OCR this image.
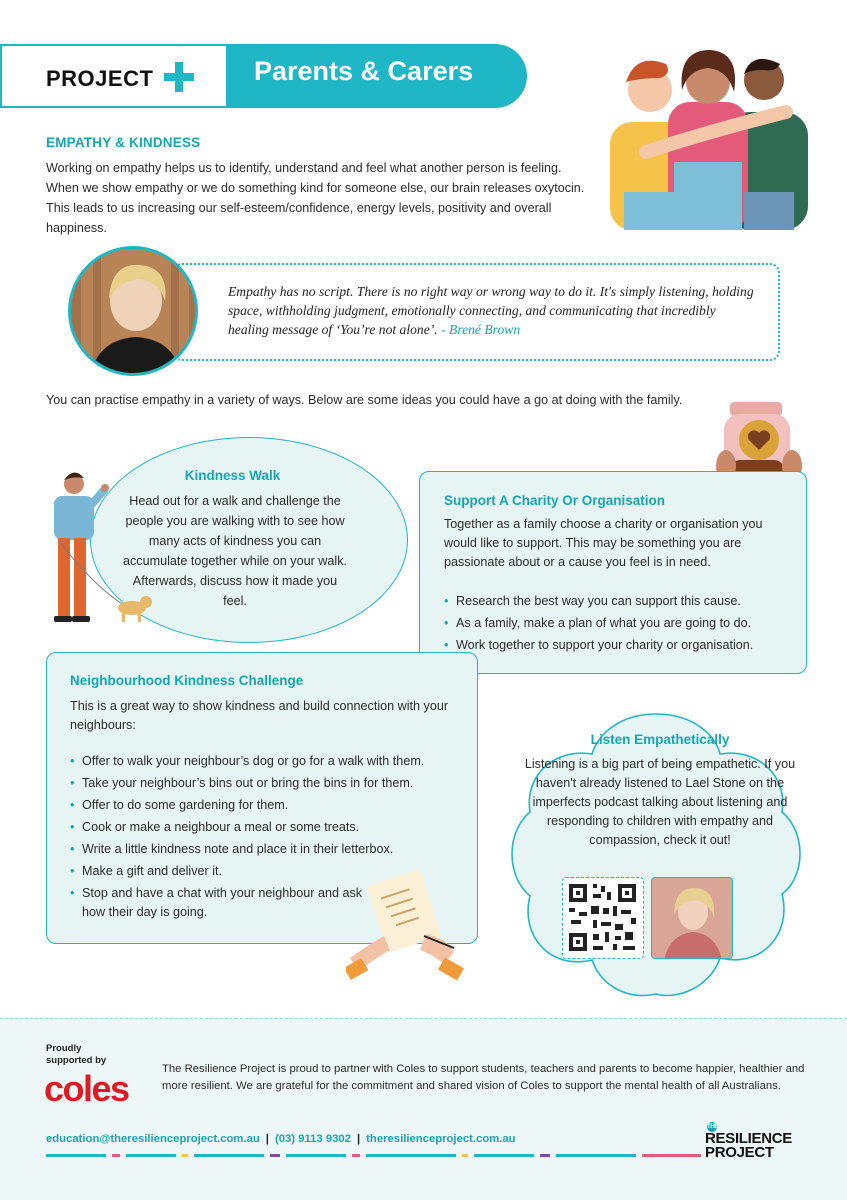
PROJECT	Parents & Carers
EMPATHY & KINDNESS
Working on empathy helps us to identify, understand and feel what another person is feeling. When we show empathy or we do something kind for someone else, our brain releases oxytocin. This leads to us increasing our self-esteem/confidence, energy levels, positivity and overall happiness.
Empathy has no script. There is no right way or wrong way to do it. It's simply listening, holding space, withholding judgment, emotionally connecting, and communicating that incredibly healing message of ‘You’re not alone’. - Brené Brown
You can practise empathy in a variety of ways. Below are some ideas you could have a go at doing with the family.
Kindness Walk
Head out for a walk and challenge the people you are walking with to see how many acts of kindness you can accumulate together while on your walk. Afterwards, discuss how it made you feel.
Support A Charity Or Organisation
Together as a family choose a charity or organisation you would like to support. This may be something you are passionate about or a cause you feel is in need.
• Research the best way you can support this cause.
• As a family, make a plan of what you are going to do.
• Work together to support your charity or organisation.
Neighbourhood Kindness Challenge
This is a great way to show kindness and build connection with your neighbours:
• Offer to walk your neighbour’s dog or go for a walk with them.
• Take your neighbour’s bins out or bring the bins in for them.
• Offer to do some gardening for them.
• Cook or make a neighbour a meal or some treats.
• Write a little kindness note and place it in their letterbox.
• Make a gift and deliver it.
• Stop and have a chat with your neighbour and ask how their day is going.
Listen Empathetically
Listening is a big part of being empathetic. If you haven't already listened to Lael Stone on the imperfects podcast talking about listening and responding to children with empathy and compassion, check it out!
Proudly supported by
coles	The Resilience Project is proud to partner with Coles to support students, teachers and parents to become happier, healthier and more resilient. We are grateful for the commitment and shared vision of Coles to support the mental health of all Australians.
education@theresilienceproject.com.au | (03) 9113 9302 | theresilienceproject.com.au
THE
RESILIENCE
PROJECT
